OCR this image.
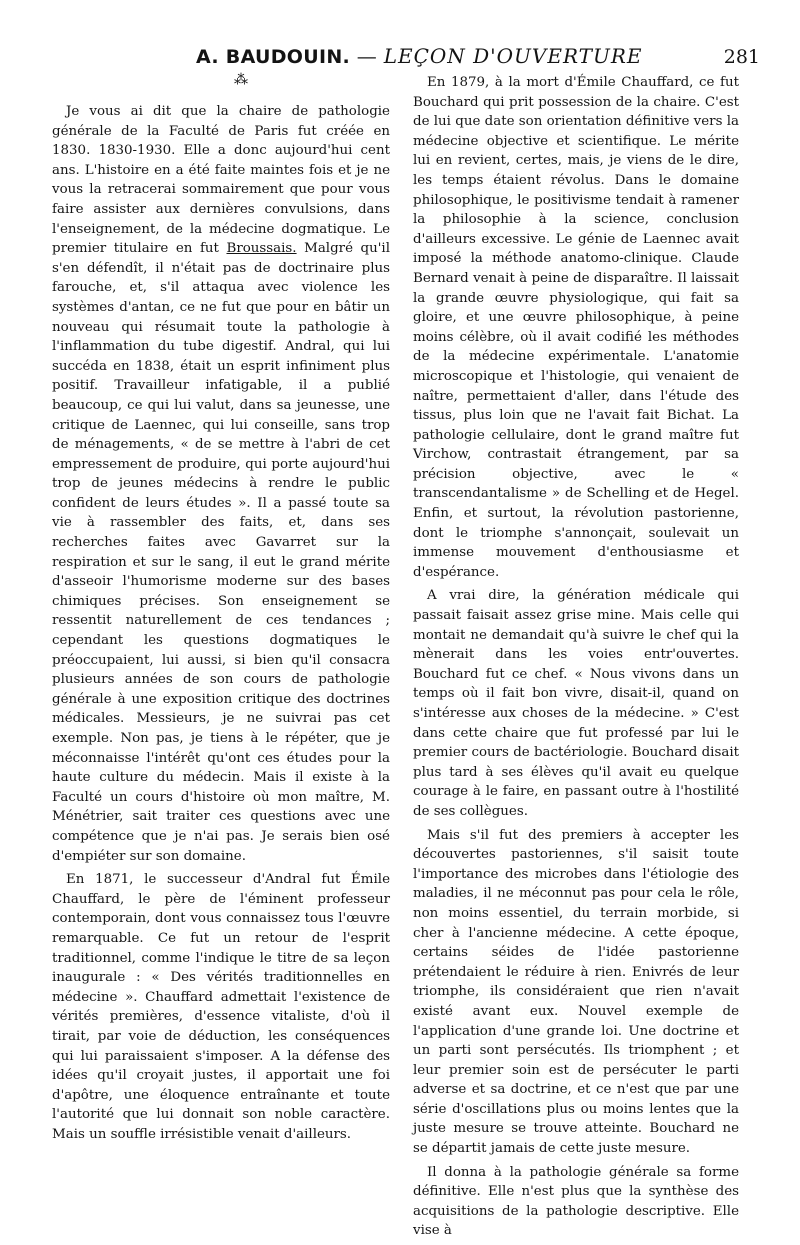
A. BAUDOUIN. — LEÇON D'OUVERTURE	281
⁂

Je vous ai dit que la chaire de pathologie générale de la Faculté de Paris fut créée en 1830. 1830-1930. Elle a donc aujourd'hui cent ans. L'histoire en a été faite maintes fois et je ne vous la retracerai sommairement que pour vous faire assister aux dernières convulsions, dans l'enseignement, de la médecine dogmatique. Le premier titulaire en fut Broussais. Malgré qu'il s'en défendît, il n'était pas de doctrinaire plus farouche, et, s'il attaqua avec violence les systèmes d'antan, ce ne fut que pour en bâtir un nouveau qui résumait toute la pathologie à l'inflammation du tube digestif. Andral, qui lui succéda en 1838, était un esprit infiniment plus positif. Travailleur infatigable, il a publié beaucoup, ce qui lui valut, dans sa jeunesse, une critique de Laennec, qui lui conseille, sans trop de ménagements, « de se mettre à l'abri de cet empressement de produire, qui porte aujourd'hui trop de jeunes médecins à rendre le public confident de leurs études ». Il a passé toute sa vie à rassembler des faits, et, dans ses recherches faites avec Gavarret sur la respiration et sur le sang, il eut le grand mérite d'asseoir l'humorisme moderne sur des bases chimiques précises. Son enseignement se ressentit naturellement de ces tendances ; cependant les questions dogmatiques le préoccupaient, lui aussi, si bien qu'il consacra plusieurs années de son cours de pathologie générale à une exposition critique des doctrines médicales. Messieurs, je ne suivrai pas cet exemple. Non pas, je tiens à le répéter, que je méconnaisse l'intérêt qu'ont ces études pour la haute culture du médecin. Mais il existe à la Faculté un cours d'histoire où mon maître, M. Ménétrier, sait traiter ces questions avec une compétence que je n'ai pas. Je serais bien osé d'empiéter sur son domaine.

En 1871, le successeur d'Andral fut Émile Chauffard, le père de l'éminent professeur contemporain, dont vous connaissez tous l'œuvre remarquable. Ce fut un retour de l'esprit traditionnel, comme l'indique le titre de sa leçon inaugurale : « Des vérités traditionnelles en médecine ». Chauffard admettait l'existence de vérités premières, d'essence vitaliste, d'où il tirait, par voie de déduction, les conséquences qui lui paraissaient s'imposer. A la défense des idées qu'il croyait justes, il apportait une foi d'apôtre, une éloquence entraînante et toute l'autorité que lui donnait son noble caractère. Mais un souffle irrésistible venait d'ailleurs.

En 1879, à la mort d'Émile Chauffard, ce fut Bouchard qui prit possession de la chaire. C'est de lui que date son orientation définitive vers la médecine objective et scientifique. Le mérite lui en revient, certes, mais, je viens de le dire, les temps étaient révolus. Dans le domaine philosophique, le positivisme tendait à ramener la philosophie à la science, conclusion d'ailleurs excessive. Le génie de Laennec avait imposé la méthode anatomo-clinique. Claude Bernard venait à peine de disparaître. Il laissait la grande œuvre physiologique, qui fait sa gloire, et une œuvre philosophique, à peine moins célèbre, où il avait codifié les méthodes de la médecine expérimentale. L'anatomie microscopique et l'histologie, qui venaient de naître, permettaient d'aller, dans l'étude des tissus, plus loin que ne l'avait fait Bichat. La pathologie cellulaire, dont le grand maître fut Virchow, contrastait étrangement, par sa précision objective, avec le « transcendantalisme » de Schelling et de Hegel. Enfin, et surtout, la révolution pastorienne, dont le triomphe s'annonçait, soulevait un immense mouvement d'enthousiasme et d'espérance.

A vrai dire, la génération médicale qui passait faisait assez grise mine. Mais celle qui montait ne demandait qu'à suivre le chef qui la mènerait dans les voies entr'ouvertes. Bouchard fut ce chef. « Nous vivons dans un temps où il fait bon vivre, disait-il, quand on s'intéresse aux choses de la médecine. » C'est dans cette chaire que fut professé par lui le premier cours de bactériologie. Bouchard disait plus tard à ses élèves qu'il avait eu quelque courage à le faire, en passant outre à l'hostilité de ses collègues.

Mais s'il fut des premiers à accepter les découvertes pastoriennes, s'il saisit toute l'importance des microbes dans l'étiologie des maladies, il ne méconnut pas pour cela le rôle, non moins essentiel, du terrain morbide, si cher à l'ancienne médecine. A cette époque, certains séides de l'idée pastorienne prétendaient le réduire à rien. Enivrés de leur triomphe, ils considéraient que rien n'avait existé avant eux. Nouvel exemple de l'application d'une grande loi. Une doctrine et un parti sont persécutés. Ils triomphent ; et leur premier soin est de persécuter le parti adverse et sa doctrine, et ce n'est que par une série d'oscillations plus ou moins lentes que la juste mesure se trouve atteinte. Bouchard ne se départit jamais de cette juste mesure.

Il donna à la pathologie générale sa forme définitive. Elle n'est plus que la synthèse des acquisitions de la pathologie descriptive. Elle vise à
